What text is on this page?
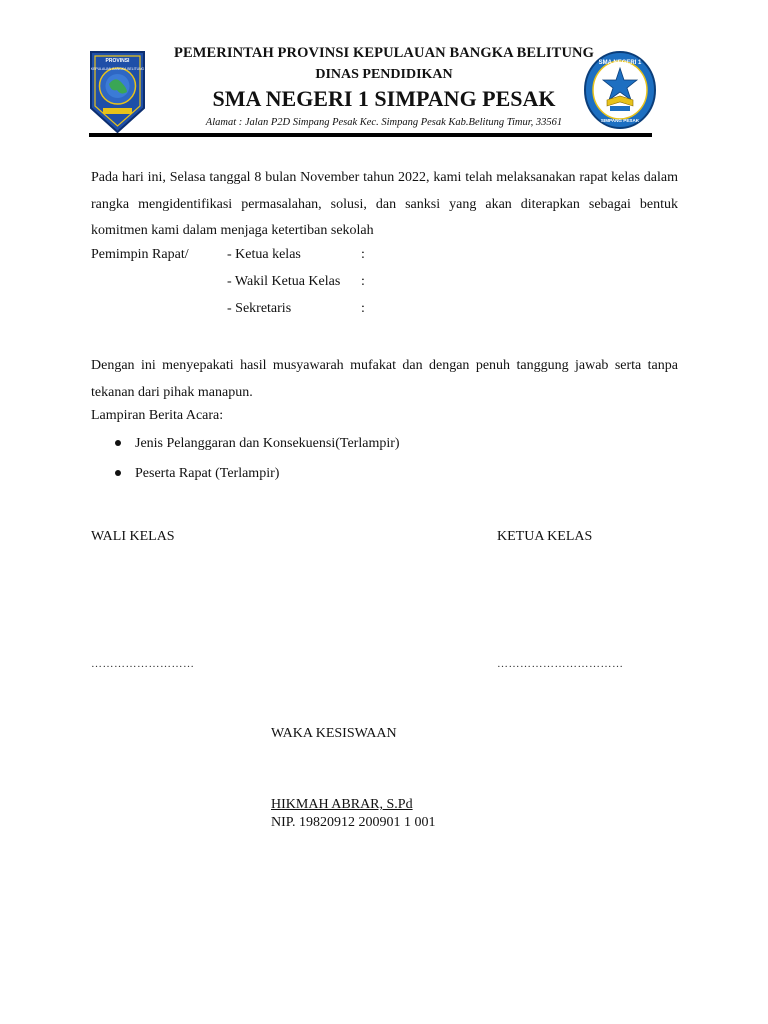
PROVINSI
KEPULAUAN BANGKA BELITUNG
PEMERINTAH PROVINSI KEPULAUAN BANGKA BELITUNG
DINAS PENDIDIKAN
SMA NEGERI 1 SIMPANG PESAK
Alamat : Jalan P2D Simpang Pesak Kec. Simpang Pesak Kab.Belitung Timur, 33561
SMA NEGERI 1
SIMPANG PESAK
Pada hari ini, Selasa tanggal 8 bulan November tahun 2022, kami telah melaksanakan rapat kelas dalam rangka mengidentifikasi permasalahan, solusi, dan sanksi yang akan diterapkan sebagai bentuk komitmen kami dalam menjaga ketertiban sekolah
Pemimpin Rapat/	- Ketua kelas	:
- Wakil Ketua Kelas :
- Sekretaris	:
Dengan ini menyepakati hasil musyawarah mufakat dan dengan penuh tanggung jawab serta tanpa tekanan dari pihak manapun.
Lampiran Berita Acara:
Jenis Pelanggaran dan Konsekuensi(Terlampir)
Peserta Rapat (Terlampir)
WALI KELAS	KETUA KELAS
………………………	……………………………
WAKA KESISWAAN
HIKMAH ABRAR, S.Pd
NIP. 19820912 200901 1 001
